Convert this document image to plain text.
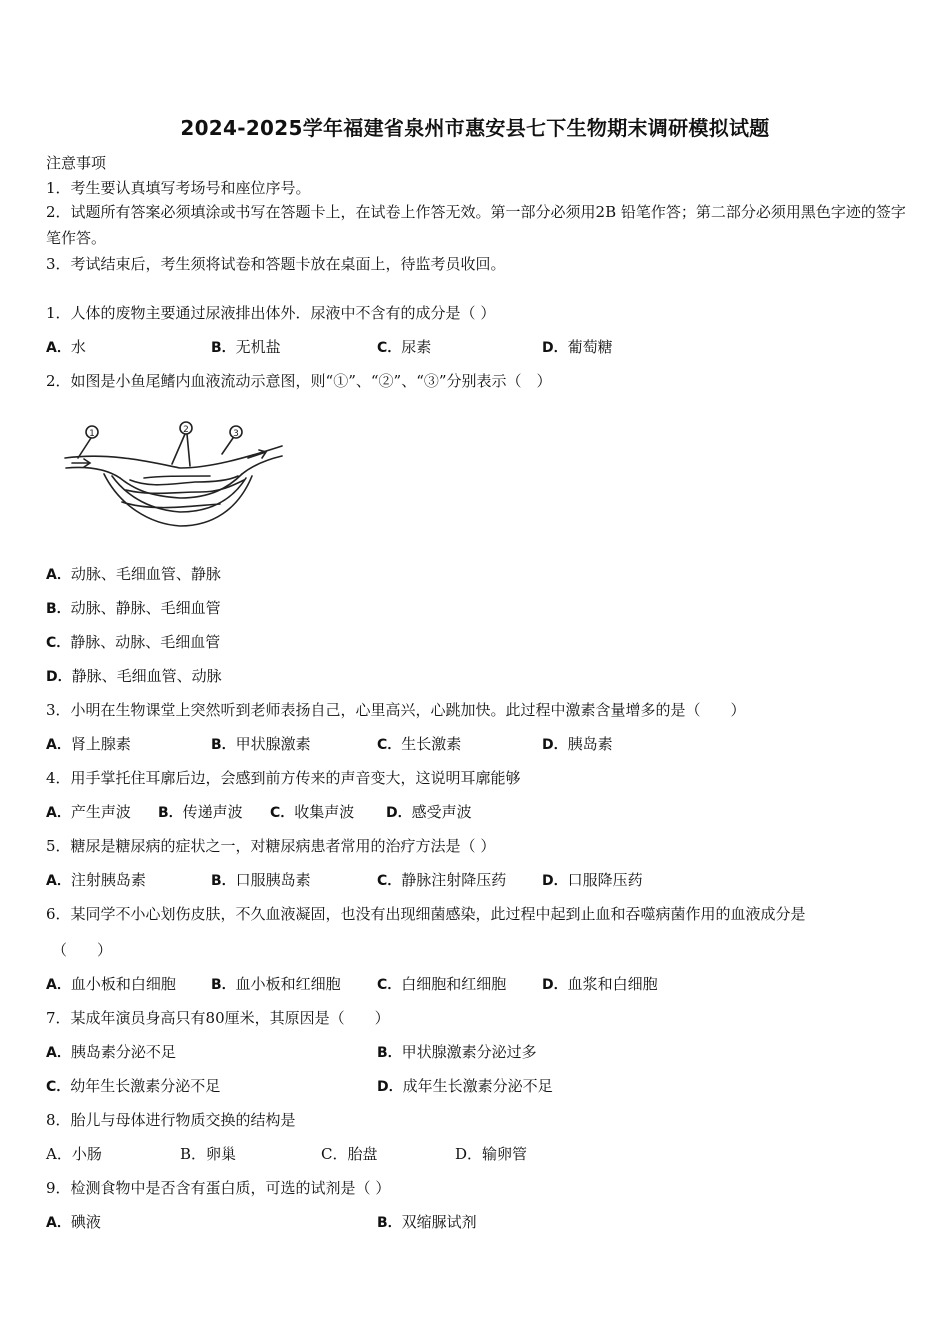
2024-2025学年福建省泉州市惠安县七下生物期末调研模拟试题
注意事项
1．考生要认真填写考场号和座位序号。
2．试题所有答案必须填涂或书写在答题卡上，在试卷上作答无效。第一部分必须用2B 铅笔作答；第二部分必须用黑色字迹的签字笔作答。
3．考试结束后，考生须将试卷和答题卡放在桌面上，待监考员收回。
1．人体的废物主要通过尿液排出体外．尿液中不含有的成分是（ ）
A．水	B．无机盐	C．尿素	D．葡萄糖
2．如图是小鱼尾鳍内血液流动示意图，则“①”、“②”、“③”分别表示（　）
1	2	3
A．动脉、毛细血管、静脉
B．动脉、静脉、毛细血管
C．静脉、动脉、毛细血管
D．静脉、毛细血管、动脉
3．小明在生物课堂上突然听到老师表扬自己，心里高兴，心跳加快。此过程中激素含量增多的是（　　）
A．肾上腺素	B．甲状腺激素	C．生长激素	D．胰岛素
4．用手掌托住耳廓后边，会感到前方传来的声音变大，这说明耳廓能够
A．产生声波 B．传递声波 C．收集声波 D．感受声波
5．糖尿是糖尿病的症状之一，对糖尿病患者常用的治疗方法是（ ）
A．注射胰岛素	B．口服胰岛素	C．静脉注射降压药	D．口服降压药
6．某同学不小心划伤皮肤，不久血液凝固，也没有出现细菌感染，此过程中起到止血和吞噬病菌作用的血液成分是
（　　）
A．血小板和白细胞	B．血小板和红细胞	C．白细胞和红细胞	D．血浆和白细胞
7．某成年演员身高只有80厘米，其原因是（　　）
A．胰岛素分泌不足	B．甲状腺激素分泌过多
C．幼年生长激素分泌不足	D．成年生长激素分泌不足
8．胎儿与母体进行物质交换的结构是
A．小肠	B．卵巢	C．胎盘	D．输卵管
9．检测食物中是否含有蛋白质，可选的试剂是（ ）
A．碘液	B．双缩脲试剂
